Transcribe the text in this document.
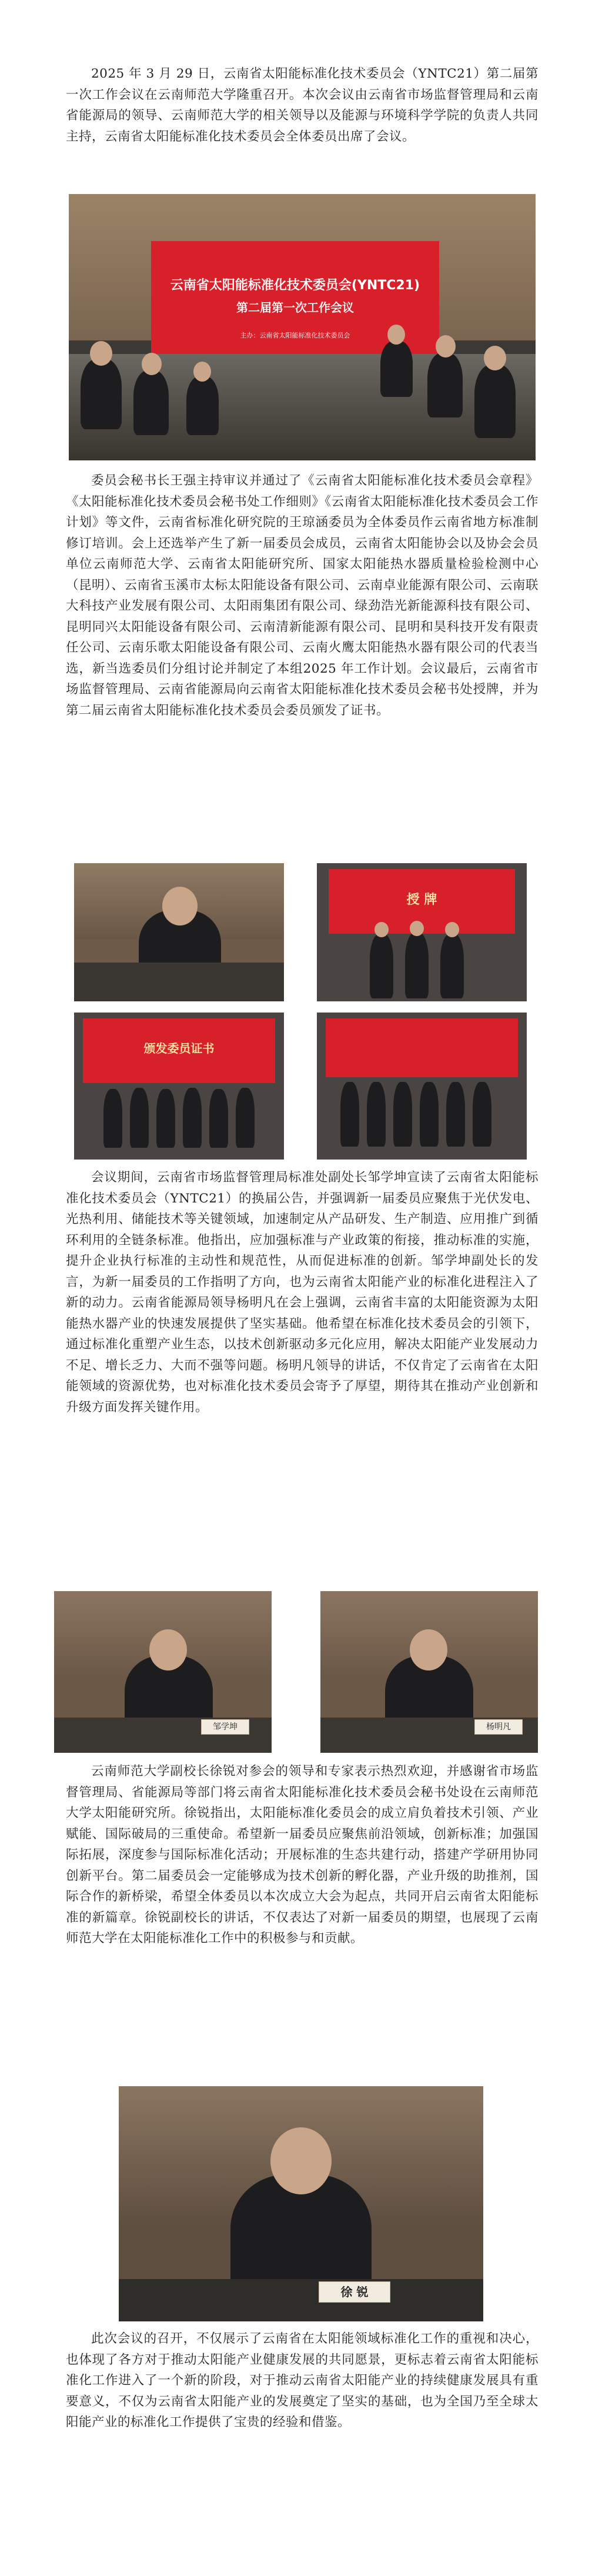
2025 年 3 月 29 日，云南省太阳能标准化技术委员会（YNTC21）第二届第一次工作会议在云南师范大学隆重召开。本次会议由云南省市场监督管理局和云南省能源局的领导、云南师范大学的相关领导以及能源与环境科学学院的负责人共同主持，云南省太阳能标准化技术委员会全体委员出席了会议。

云南省太阳能标准化技术委员会(YNTC21)
第二届第一次工作会议
主办：云南省太阳能标准化技术委员会

委员会秘书长王强主持审议并通过了《云南省太阳能标准化技术委员会章程》《太阳能标准化技术委员会秘书处工作细则》《云南省太阳能标准化技术委员会工作计划》等文件，云南省标准化研究院的王琼涵委员为全体委员作云南省地方标准制修订培训。会上还选举产生了新一届委员会成员，云南省太阳能协会以及协会会员单位云南师范大学、云南省太阳能研究所、国家太阳能热水器质量检验检测中心（昆明）、云南省玉溪市太标太阳能设备有限公司、云南卓业能源有限公司、云南联大科技产业发展有限公司、太阳雨集团有限公司、绿劲浩光新能源科技有限公司、昆明同兴太阳能设备有限公司、云南清新能源有限公司、昆明和昊科技开发有限责任公司、云南乐歌太阳能设备有限公司、云南火鹰太阳能热水器有限公司的代表当选，新当选委员们分组讨论并制定了本组2025 年工作计划。会议最后，云南省市场监督管理局、云南省能源局向云南省太阳能标准化技术委员会秘书处授牌，并为第二届云南省太阳能标准化技术委员会委员颁发了证书。

授 牌
颁发委员证书

会议期间，云南省市场监督管理局标准处副处长邹学坤宣读了云南省太阳能标准化技术委员会（YNTC21）的换届公告，并强调新一届委员应聚焦于光伏发电、光热利用、储能技术等关键领域，加速制定从产品研发、生产制造、应用推广到循环利用的全链条标准。他指出，应加强标准与产业政策的衔接，推动标准的实施，提升企业执行标准的主动性和规范性，从而促进标准的创新。邹学坤副处长的发言，为新一届委员的工作指明了方向，也为云南省太阳能产业的标准化进程注入了新的动力。云南省能源局领导杨明凡在会上强调，云南省丰富的太阳能资源为太阳能热水器产业的快速发展提供了坚实基础。他希望在标准化技术委员会的引领下，通过标准化重塑产业生态，以技术创新驱动多元化应用，解决太阳能产业发展动力不足、增长乏力、大而不强等问题。杨明凡领导的讲话，不仅肯定了云南省在太阳能领域的资源优势，也对标准化技术委员会寄予了厚望，期待其在推动产业创新和升级方面发挥关键作用。

邹学坤	杨明凡

云南师范大学副校长徐锐对参会的领导和专家表示热烈欢迎，并感谢省市场监督管理局、省能源局等部门将云南省太阳能标准化技术委员会秘书处设在云南师范大学太阳能研究所。徐锐指出，太阳能标准化委员会的成立肩负着技术引领、产业赋能、国际破局的三重使命。希望新一届委员应聚焦前沿领域，创新标准；加强国际拓展，深度参与国际标准化活动；开展标准的生态共建行动，搭建产学研用协同创新平台。第二届委员会一定能够成为技术创新的孵化器，产业升级的助推剂，国际合作的新桥梁，希望全体委员以本次成立大会为起点，共同开启云南省太阳能标准的新篇章。徐锐副校长的讲话，不仅表达了对新一届委员的期望，也展现了云南师范大学在太阳能标准化工作中的积极参与和贡献。

徐 锐

此次会议的召开，不仅展示了云南省在太阳能领域标准化工作的重视和决心，也体现了各方对于推动太阳能产业健康发展的共同愿景，更标志着云南省太阳能标准化工作进入了一个新的阶段，对于推动云南省太阳能产业的持续健康发展具有重要意义，不仅为云南省太阳能产业的发展奠定了坚实的基础，也为全国乃至全球太阳能产业的标准化工作提供了宝贵的经验和借鉴。
